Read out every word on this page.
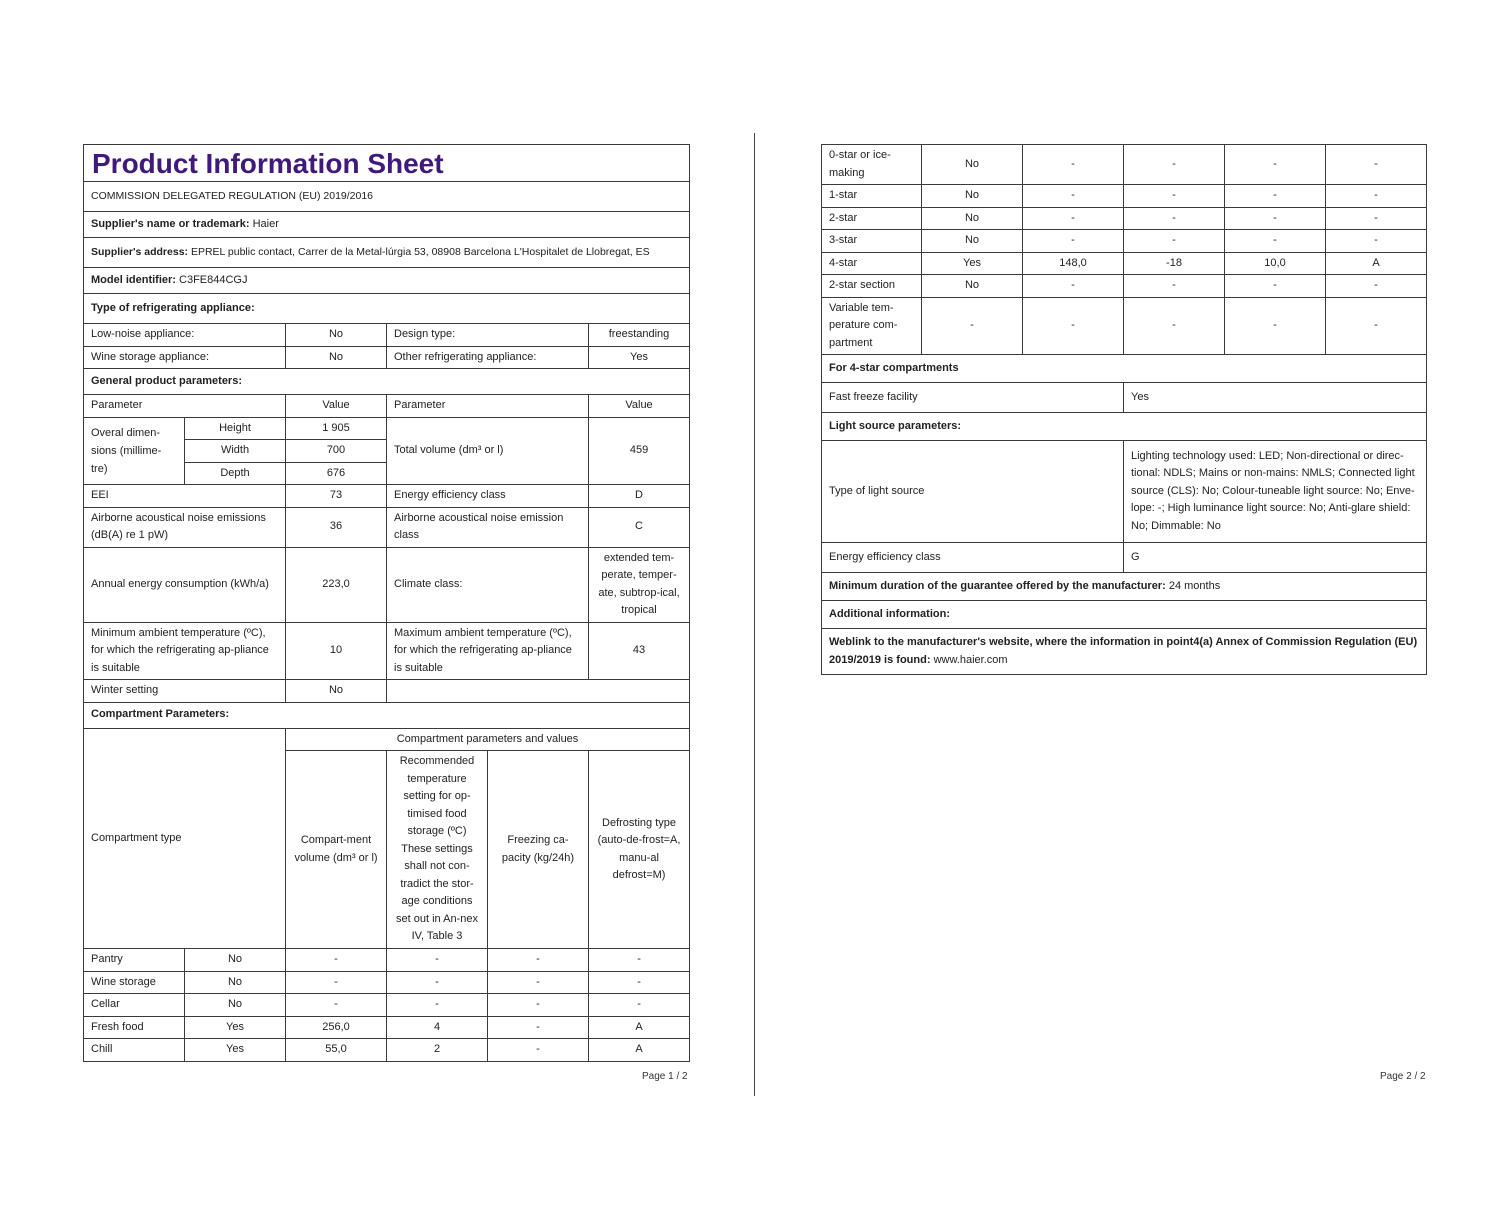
Product Information Sheet					
COMMISSION DELEGATED REGULATION (EU) 2019/2016					
Supplier's name or trademark: Haier					
Supplier's address: EPREL public contact, Carrer de la Metal-lúrgia 53, 08908 Barcelona L'Hospitalet de Llobregat, ES					
Model identifier: C3FE844CGJ					
Type of refrigerating appliance:					
Low-noise appliance:		No	Design type:		freestanding
Wine storage appliance:		No	Other refrigerating appliance:		Yes
General product parameters:					
Parameter		Value	Parameter		Value
Overal dimen-sions (millime-tre)	Height	1 905	Total volume (dm³ or l)		459
	Width	700			
	Depth	676			
EEI		73	Energy efficiency class		D
Airborne acoustical noise emissions (dB(A) re 1 pW)		36	Airborne acoustical noise emission class		C
Annual energy consumption (kWh/a)		223,0	Climate class:		extended tem-perate, temper-ate, subtrop-ical, tropical
Minimum ambient temperature (ºC), for which the refrigerating ap-pliance is suitable		10	Maximum ambient temperature (ºC), for which the refrigerating ap-pliance is suitable		43
Winter setting		No			
Compartment Parameters:					
Compartment type		Compartment parameters and values			
		Compart-ment volume (dm³ or l)	Recommended temperature setting for op-timised food storage (ºC) These settings shall not con-tradict the stor-age conditions set out in An-nex IV, Table 3	Freezing ca-pacity (kg/24h)	Defrosting type (auto-de-frost=A, manu-al defrost=M)
Pantry	No	-	-	-	-
Wine storage	No	-	-	-	-
Cellar	No	-	-	-	-
Fresh food	Yes	256,0	4	-	A
Chill	Yes	55,0	2	-	A
Page 1 / 2
0-star or ice-making	No	-	-	-	-
1-star	No	-	-	-	-
2-star	No	-	-	-	-
3-star	No	-	-	-	-
4-star	Yes	148,0	-18	10,0	A
2-star section	No	-	-	-	-
Variable tem-perature com-partment	-	-	-	-	-
For 4-star compartments					
Fast freeze facility			Yes		
Light source parameters:					
Type of light source			Lighting technology used: LED; Non-directional or direc-tional: NDLS; Mains or non-mains: NMLS; Connected light source (CLS): No; Colour-tuneable light source: No; Enve-lope: -; High luminance light source: No; Anti-glare shield: No; Dimmable: No		
Energy efficiency class			G		
Minimum duration of the guarantee offered by the manufacturer: 24 months					
Additional information:					
Weblink to the manufacturer's website, where the information in point4(a) Annex of Commission Regulation (EU) 2019/2019 is found: www.haier.com					
Page 2 / 2
